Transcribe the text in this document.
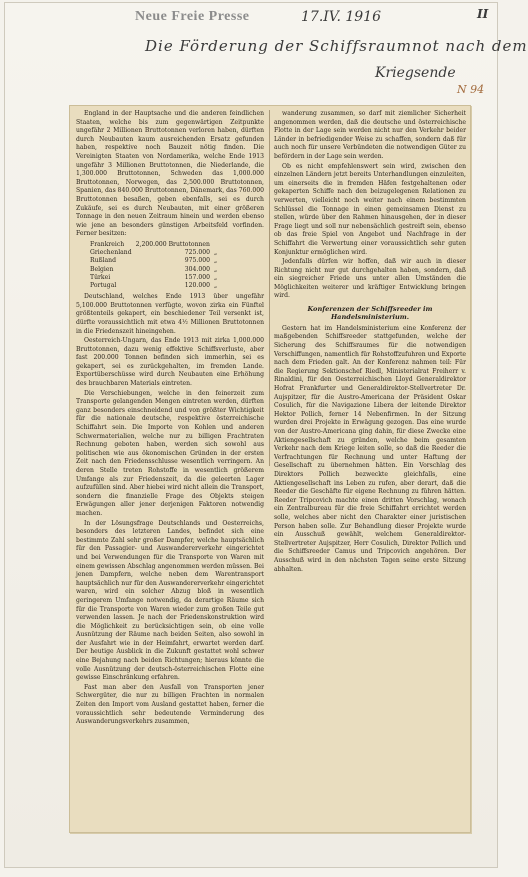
Neue Freie Presse	17.IV. 1916	II
Die Förderung der Schiffsraumnot nach dem
Kriegsende
N 94

England in der Hauptsache und die anderen feindlichen Staaten, welche bis zum gegenwärtigen Zeitpunkte ungefähr 2 Millionen Bruttotonnen verloren haben, dürften durch Neubauten kaum ausreichenden Ersatz gefunden haben, respektive noch Bauzeit nötig finden. Die Vereinigten Staaten von Nordamerika, welche Ende 1913 ungefähr 3 Millionen Bruttotonnen, die Niederlande, die 1,300.000 Bruttotonnen, Schweden das 1,000.000 Bruttotonnen, Norwegen, das 2,500.000 Bruttotonnen, Spanien, das 840.000 Bruttotonnen, Dänemark, das 760.000 Bruttotonnen besaßen, geben ebenfalls, sei es durch Zukäufe, sei es durch Neubauten, mit einer größeren Tonnage in den neuen Zeitraum hinein und werden ebenso wie jene an besonders günstigen Arbeitsfeld vorfinden. Ferner besitzen:

Frankreich	2,200.000 Bruttotonnen	
Griechenland	725.000	„
Rußland	975.000	„
Belgien	304.000	„
Türkei	157.000	„
Portugal	120.000	„

Deutschland, welches Ende 1913 über ungefähr 5,100.000 Bruttotonnen verfügte, wovon zirka ein Fünftel größtenteils gekapert, ein beschiedener Teil versenkt ist, dürfte voraussichtlich mit etwa 4½ Millionen Bruttotonnen in die Friedenszeit hineingehen.

Oesterreich-Ungarn, das Ende 1913 mit zirka 1,000.000 Bruttotonnen, dazu wenig effektive Schiffsverluste, aber fast 200.000 Tonnen befinden sich immerhin, sei es gekapert, sei es zurückgehalten, im fremden Lande. Exportüberschüsse wird durch Neubauten eine Erhöhung des brauchbaren Materials eintreten.

Die Verschiebungen, welche in den feinerzeit zum Transporte gelangenden Mengen eintreten werden, dürften ganz besonders einschneidend und von größter Wichtigkeit für die nationale deutsche, respektive österreichische Schiffahrt sein. Die Importe von Kohlen und anderen Schwermaterialien, welche nur zu billigen Frachtraten Rechnung geboten haben, werden sich sowohl aus politischen wie aus ökonomischen Gründen in der ersten Zeit nach den Friedensschlusse wesentlich verringern. An deren Stelle treten Rohstoffe in wesentlich größerem Umfange als zur Friedenszeit, da die geleerten Lager aufzufüllen sind. Aber hiebei wird nicht allein die Transport, sondern die finanzielle Frage des Objekts steigen Erwägungen aller jener derjenigen Faktoren notwendig machen.

In der Lösungsfrage Deutschlands und Oesterreichs, besonders des letzteren Landes, befindet sich eine bestimmte Zahl sehr großer Dampfer, welche hauptsächlich für den Passagier- und Auswandererverkehr eingerichtet und bei Verwendungen für die Transporte von Waren mit einem gewissen Abschlag angenommen werden müssen. Bei jenen Dampfern, welche neben dem Warentransport hauptsächlich nur für den Auswandererverkehr eingerichtet waren, wird ein solcher Abzug bloß in wesentlich geringerem Umfange notwendig, da derartige Räume sich für die Transporte von Waren wieder zum großen Teile gut verwenden lassen. Je nach der Friedenskonstruktion wird die Möglichkeit zu berücksichtigen sein, ob eine volle Ausnützung der Räume nach beiden Seiten, also sowohl in der Ausfahrt wie in der Heimfahrt, erwartet werden darf. Der heutige Ausblick in die Zukunft gestattet wohl schwer eine Bejahung nach beiden Richtungen; hieraus könnte die volle Ausnützung der deutsch-österreichischen Flotte eine gewisse Einschränkung erfahren.

Fast man aber den Ausfall von Transporten jener Schwergüter, die nur zu billigen Frachten in normalen Zeiten den Import vom Ausland gestattet haben, ferner die voraussichtlich sehr bedeutende Verminderung des Auswanderungsverkehrs zusammen,

wanderung zusammen, so darf mit ziemlicher Sicherheit angenommen werden, daß die deutsche und österreichische Flotte in der Lage sein werden nicht nur den Verkehr beider Länder in befriedigender Weise zu schaffen, sondern daß für auch noch für unsere Verbündeten die notwendigen Güter zu befördern in der Lage sein werden.

Ob es nicht empfehlenswert sein wird, zwischen den einzelnen Ländern jetzt bereits Unterhandlungen einzuleiten, um einerseits die in fremden Häfen festgehaltenen oder gekaperten Schiffe nach den beizugelegenen Relationen zu verwerten, vielleicht noch weiter nach einem bestimmten Schlüssel die Tonnage in einen gemeinsamen Dienst zu stellen, würde über den Rahmen hinausgehen, der in dieser Frage liegt und soll nur nebensächlich gestreift sein, ebenso ob das freie Spiel von Angebot und Nachfrage in der Schiffahrt die Verwertung einer voraussichtlich sehr guten Konjunktur ermöglichen wird.

Jedenfalls dürfen wir hoffen, daß wir auch in dieser Richtung nicht nur gut durchgehalten haben, sondern, daß ein siegreicher Friede uns unter allen Umständen die Möglichkeiten weiterer und kräftiger Entwicklung bringen wird.

Konferenzen der Schiffsreeder im Handelsministerium.

Gestern hat im Handelsministerium eine Konferenz der maßgebenden Schiffsreeder stattgefunden, welche der Sicherung des Schiffsraumes für die notwendigen Verschiffungen, namentlich für Rohstoffzufuhren und Exporte nach dem Frieden galt. An der Konferenz nahmen teil: Für die Regierung Sektionschef Riedl, Ministerialrat Freiherr v. Rinaldini, für den Oesterreichischen Lloyd Generaldirektor Hofrat Frankfurter und Generaldirektor-Stellvertreter Dr. Aujspitzer, für die Austro-Americana der Präsident Oskar Cosulich, für die Navigazione Libera der leitende Direktor Hektor Pollich, ferner 14 Nebenfirmen. In der Sitzung wurden drei Projekte in Erwägung gezogen. Das eine wurde von der Austro-Americana ging dahin, für diese Zwecke eine Aktiengesellschaft zu gründen, welche beim gesamten Verkehr nach dem Kriege leiten solle, so daß die Reeder die Verfrachtungen für Rechnung und unter Haftung der Gesellschaft zu übernehmen hätten. Ein Vorschlag des Direktors Pollich bezweckte gleichfalls, eine Aktiengesellschaft ins Leben zu rufen, aber derart, daß die Reeder die Geschäfte für eigene Rechnung zu führen hätten. Reeder Tripcovich machte einen dritten Vorschlag, wonach ein Zentralbureau für die freie Schiffahrt errichtet werden solle, welches aber nicht den Charakter einer juristischen Person haben solle. Zur Behandlung dieser Projekte wurde ein Ausschuß gewählt, welchem Generaldirektor-Stellvertreter Aujspitzer, Herr Cosulich, Direktor Pollich und die Schiffsreeder Camus und Tripcovich angehören. Der Ausschuß wird in den nächsten Tagen seine erste Sitzung abhalten.
